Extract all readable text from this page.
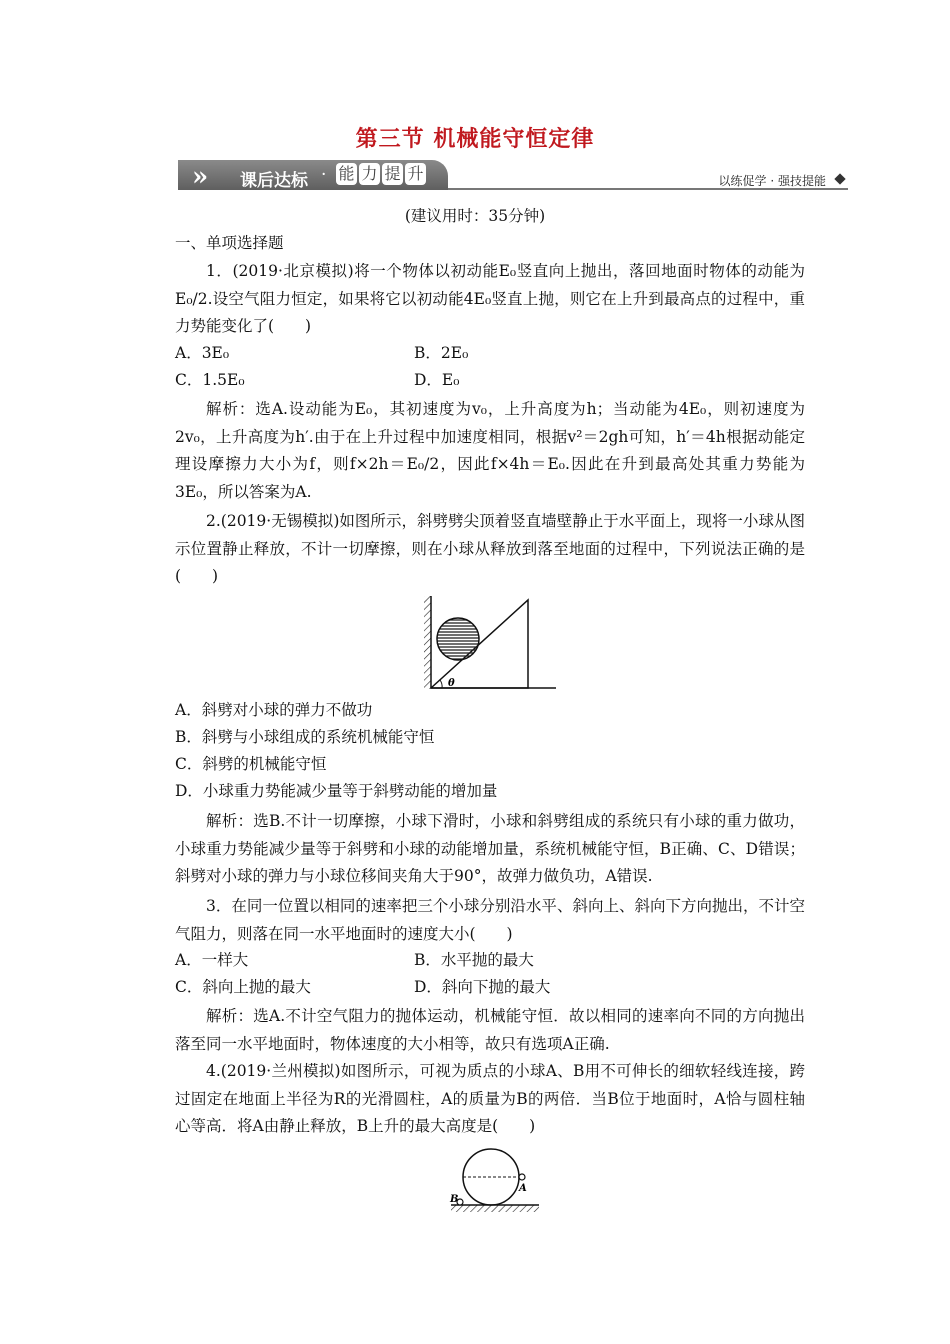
第三节 机械能守恒定律
» 课后达标 · 能 力 提 升	以练促学 · 强技提能
(建议用时：35分钟)
一、单项选择题

1．(2019·北京模拟)将一个物体以初动能E₀竖直向上抛出，落回地面时物体的动能为E₀/2.设空气阻力恒定，如果将它以初动能4E₀竖直上抛，则它在上升到最高点的过程中，重力势能变化了(　　)

A．3E₀	B．2E₀
C．1.5E₀	D．E₀

解析：选A.设动能为E₀，其初速度为v₀，上升高度为h；当动能为4E₀，则初速度为2v₀，上升高度为h′.由于在上升过程中加速度相同，根据v²＝2gh可知，h′＝4h根据动能定理设摩擦力大小为f，则f×2h＝E₀/2，因此f×4h＝E₀.因此在升到最高处其重力势能为3E₀，所以答案为A.

2.(2019·无锡模拟)如图所示，斜劈劈尖顶着竖直墙壁静止于水平面上，现将一小球从图示位置静止释放，不计一切摩擦，则在小球从释放到落至地面的过程中，下列说法正确的是(　　)

θ
A．斜劈对小球的弹力不做功
B．斜劈与小球组成的系统机械能守恒
C．斜劈的机械能守恒
D．小球重力势能减少量等于斜劈动能的增加量

解析：选B.不计一切摩擦，小球下滑时，小球和斜劈组成的系统只有小球的重力做功，小球重力势能减少量等于斜劈和小球的动能增加量，系统机械能守恒，B正确、C、D错误；斜劈对小球的弹力与小球位移间夹角大于90°，故弹力做负功，A错误.

3．在同一位置以相同的速率把三个小球分别沿水平、斜向上、斜向下方向抛出，不计空气阻力，则落在同一水平地面时的速度大小(　　)

A．一样大	B．水平抛的最大
C．斜向上抛的最大	D．斜向下抛的最大

解析：选A.不计空气阻力的抛体运动，机械能守恒．故以相同的速率向不同的方向抛出落至同一水平地面时，物体速度的大小相等，故只有选项A正确.

4.(2019·兰州模拟)如图所示，可视为质点的小球A、B用不可伸长的细软轻线连接，跨过固定在地面上半径为R的光滑圆柱，A的质量为B的两倍．当B位于地面时，A恰与圆柱轴心等高．将A由静止释放，B上升的最大高度是(　　)

A
B
